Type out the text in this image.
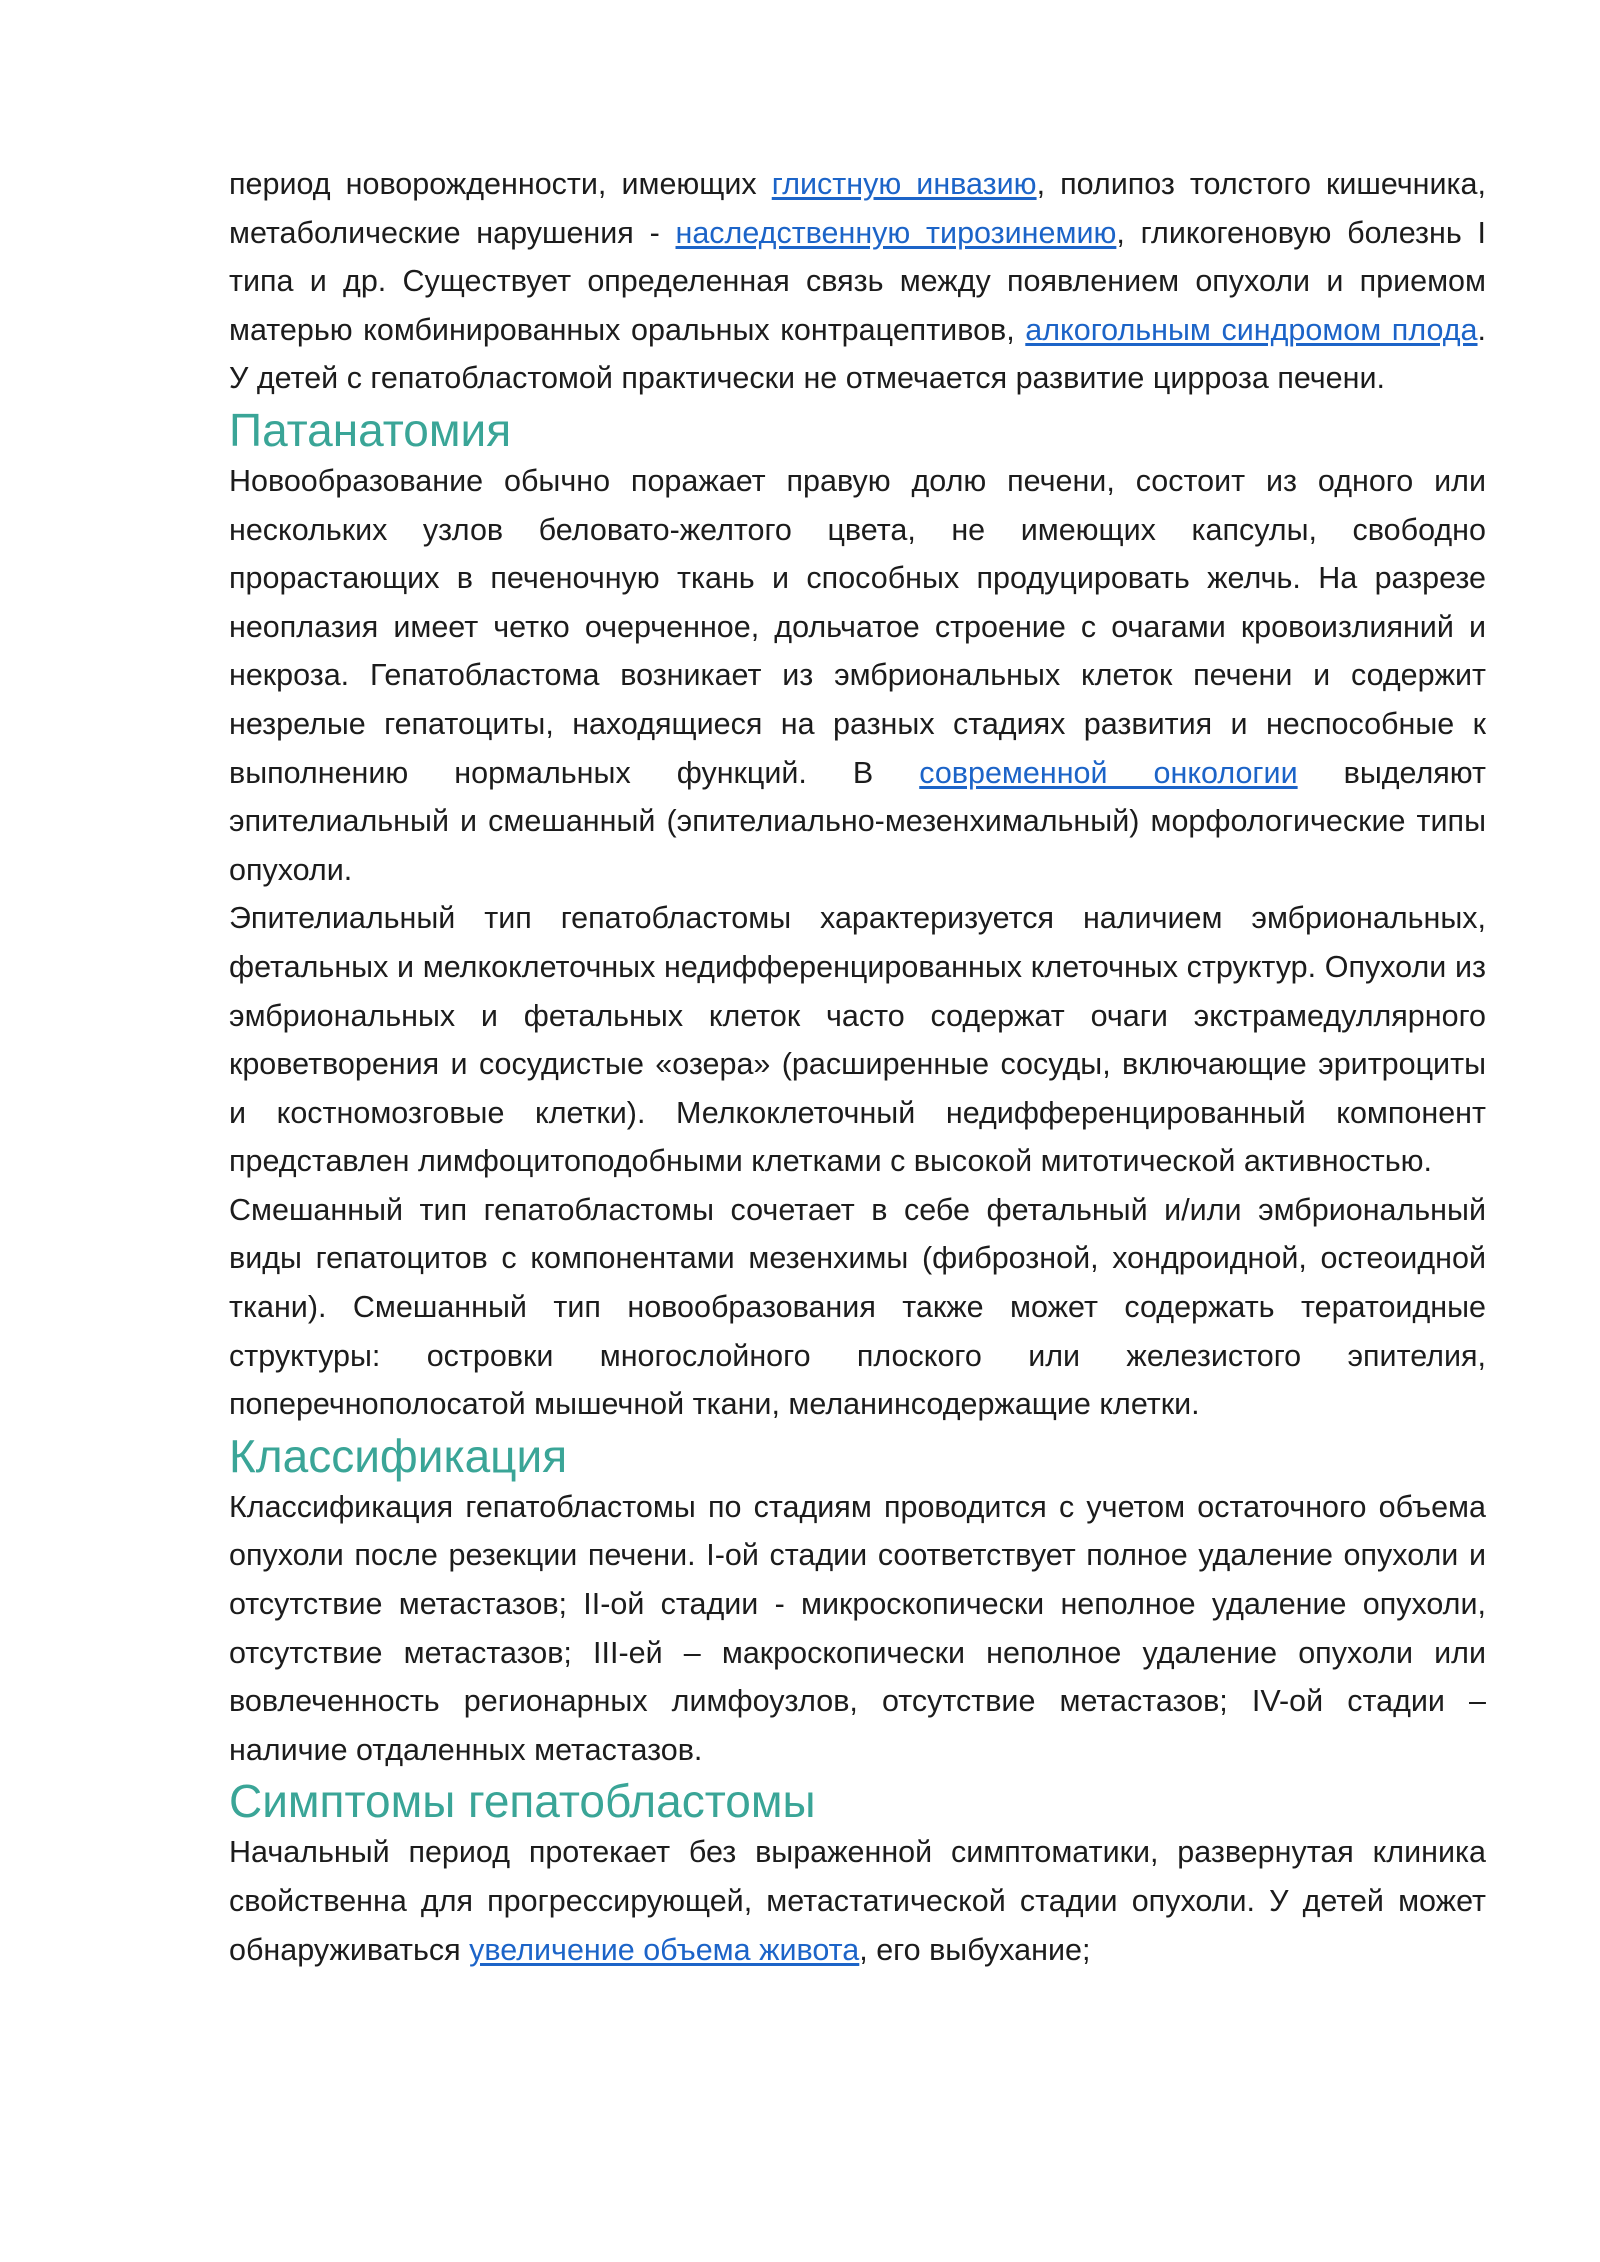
период новорожденности, имеющих глистную инвазию, полипоз толстого кишечника, метаболические нарушения - наследственную тирозинемию, гликогеновую болезнь I типа и др. Существует определенная связь между появлением опухоли и приемом матерью комбинированных оральных контрацептивов, алкогольным синдромом плода. У детей с гепатобластомой практически не отмечается развитие цирроза печени.

Патанатомия

Новообразование обычно поражает правую долю печени, состоит из одного или нескольких узлов беловато-желтого цвета, не имеющих капсулы, свободно прорастающих в печеночную ткань и способных продуцировать желчь. На разрезе неоплазия имеет четко очерченное, дольчатое строение с очагами кровоизлияний и некроза. Гепатобластома возникает из эмбриональных клеток печени и содержит незрелые гепатоциты, находящиеся на разных стадиях развития и неспособные к выполнению нормальных функций. В современной онкологии выделяют эпителиальный и смешанный (эпителиально-мезенхимальный) морфологические типы опухоли.

Эпителиальный тип гепатобластомы характеризуется наличием эмбриональных, фетальных и мелкоклеточных недифференцированных клеточных структур. Опухоли из эмбриональных и фетальных клеток часто содержат очаги экстрамедуллярного кроветворения и сосудистые «озера» (расширенные сосуды, включающие эритроциты и костномозговые клетки). Мелкоклеточный недифференцированный компонент представлен лимфоцитоподобными клетками с высокой митотической активностью.

Смешанный тип гепатобластомы сочетает в себе фетальный и/или эмбриональный виды гепатоцитов с компонентами мезенхимы (фиброзной, хондроидной, остеоидной ткани). Смешанный тип новообразования также может содержать тератоидные структуры: островки многослойного плоского или железистого эпителия, поперечнополосатой мышечной ткани, меланинсодержащие клетки.

Классификация

Классификация гепатобластомы по стадиям проводится с учетом остаточного объема опухоли после резекции печени. I-ой стадии соответствует полное удаление опухоли и отсутствие метастазов; II-ой стадии - микроскопически неполное удаление опухоли, отсутствие метастазов; III-ей – макроскопически неполное удаление опухоли или вовлеченность регионарных лимфоузлов, отсутствие метастазов; IV-ой стадии – наличие отдаленных метастазов.

Симптомы гепатобластомы

Начальный период протекает без выраженной симптоматики, развернутая клиника свойственна для прогрессирующей, метастатической стадии опухоли. У детей может обнаруживаться увеличение объема живота, его выбухание;
